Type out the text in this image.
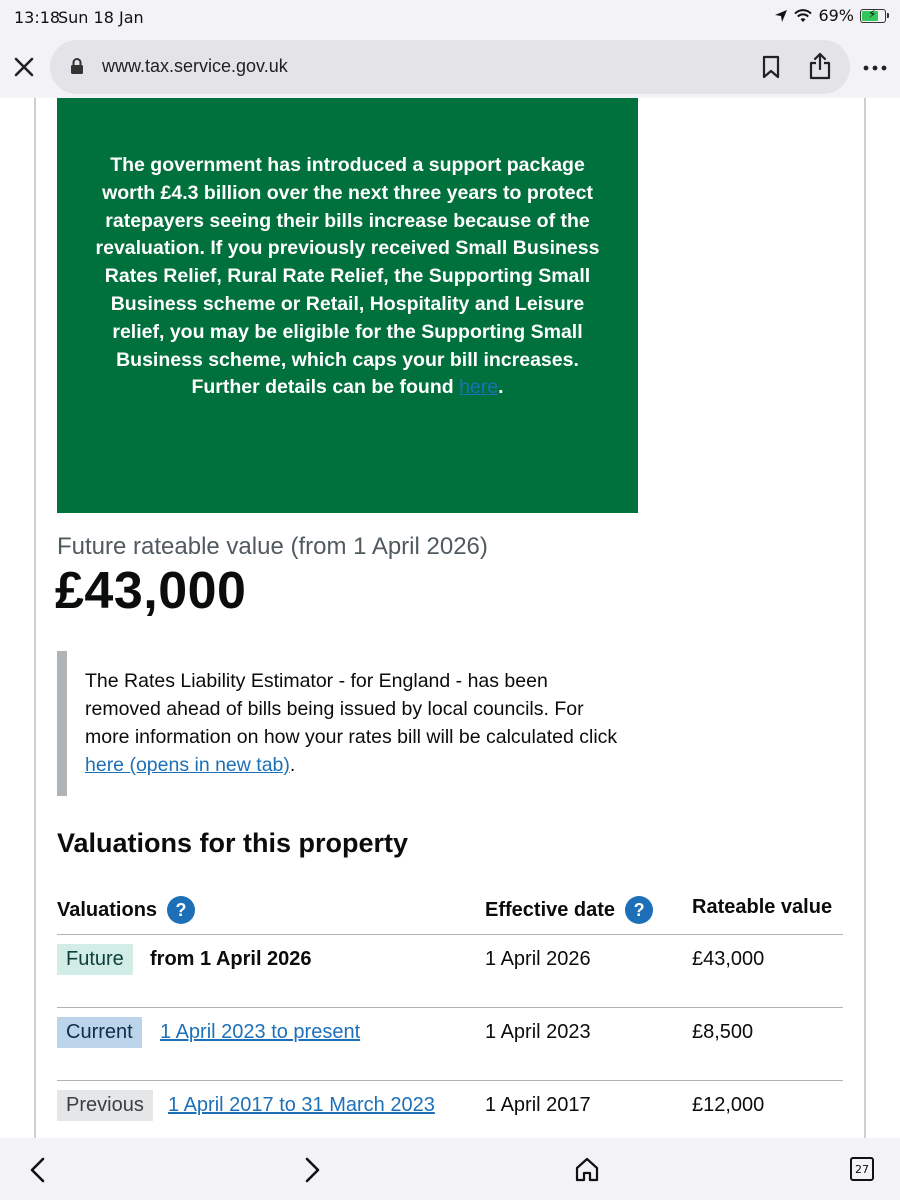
13:18
Sun 18 Jan	69% ⚡
www.tax.service.gov.uk

The government has introduced a support package worth £4.3 billion over the next three years to protect ratepayers seeing their bills increase because of the revaluation. If you previously received Small Business Rates Relief, Rural Rate Relief, the Supporting Small Business scheme or Retail, Hospitality and Leisure relief, you may be eligible for the Supporting Small Business scheme, which caps your bill increases. Further details can be found here.

Future rateable value (from 1 April 2026)
£43,000

The Rates Liability Estimator - for England - has been removed ahead of bills being issued by local councils. For more information on how your rates bill will be calculated click here (opens in new tab).

Valuations for this property
Valuations	?	Effective date	?	Rateable value
Future	from 1 April 2026	1 April 2026	£43,000
Current	1 April 2023 to present	1 April 2023	£8,500
Previous	1 April 2017 to 31 March 2023	1 April 2017	£12,000
27
